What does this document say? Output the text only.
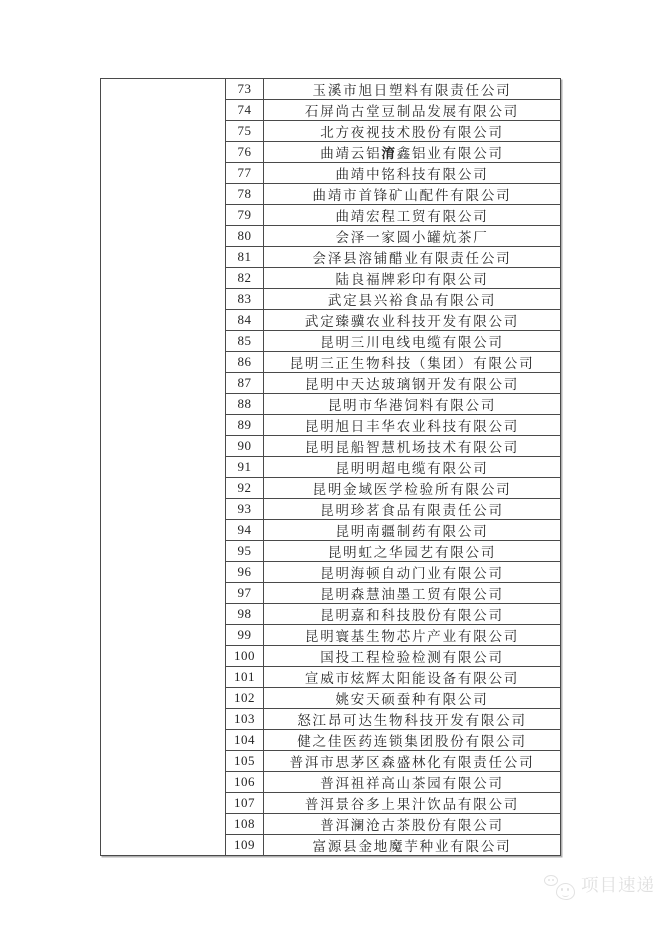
	73	玉溪市旭日塑料有限责任公司
	74	石屏尚古堂豆制品发展有限公司
	75	北方夜视技术股份有限公司
	76	曲靖云铝淯鑫铝业有限公司
	77	曲靖中铭科技有限公司
	78	曲靖市首锋矿山配件有限公司
	79	曲靖宏程工贸有限公司
	80	会泽一家圆小罐炕茶厂
	81	会泽县溶铺醋业有限责任公司
	82	陆良福牌彩印有限公司
	83	武定县兴裕食品有限公司
	84	武定臻骥农业科技开发有限公司
	85	昆明三川电线电缆有限公司
	86	昆明三正生物科技（集团）有限公司
	87	昆明中天达玻璃钢开发有限公司
	88	昆明市华港饲料有限公司
	89	昆明旭日丰华农业科技有限公司
	90	昆明昆船智慧机场技术有限公司
	91	昆明明超电缆有限公司
	92	昆明金域医学检验所有限公司
	93	昆明珍茗食品有限责任公司
	94	昆明南疆制药有限公司
	95	昆明虹之华园艺有限公司
	96	昆明海顿自动门业有限公司
	97	昆明森慧油墨工贸有限公司
	98	昆明嘉和科技股份有限公司
	99	昆明寰基生物芯片产业有限公司
	100	国投工程检验检测有限公司
	101	宣威市炫辉太阳能设备有限公司
	102	姚安天硕蚕种有限公司
	103	怒江昂可达生物科技开发有限公司
	104	健之佳医药连锁集团股份有限公司
	105	普洱市思茅区森盛林化有限责任公司
	106	普洱祖祥高山茶园有限公司
	107	普洱景谷多上果汁饮品有限公司
	108	普洱澜沧古茶股份有限公司
	109	富源县金地魔芋种业有限公司
项目速递
